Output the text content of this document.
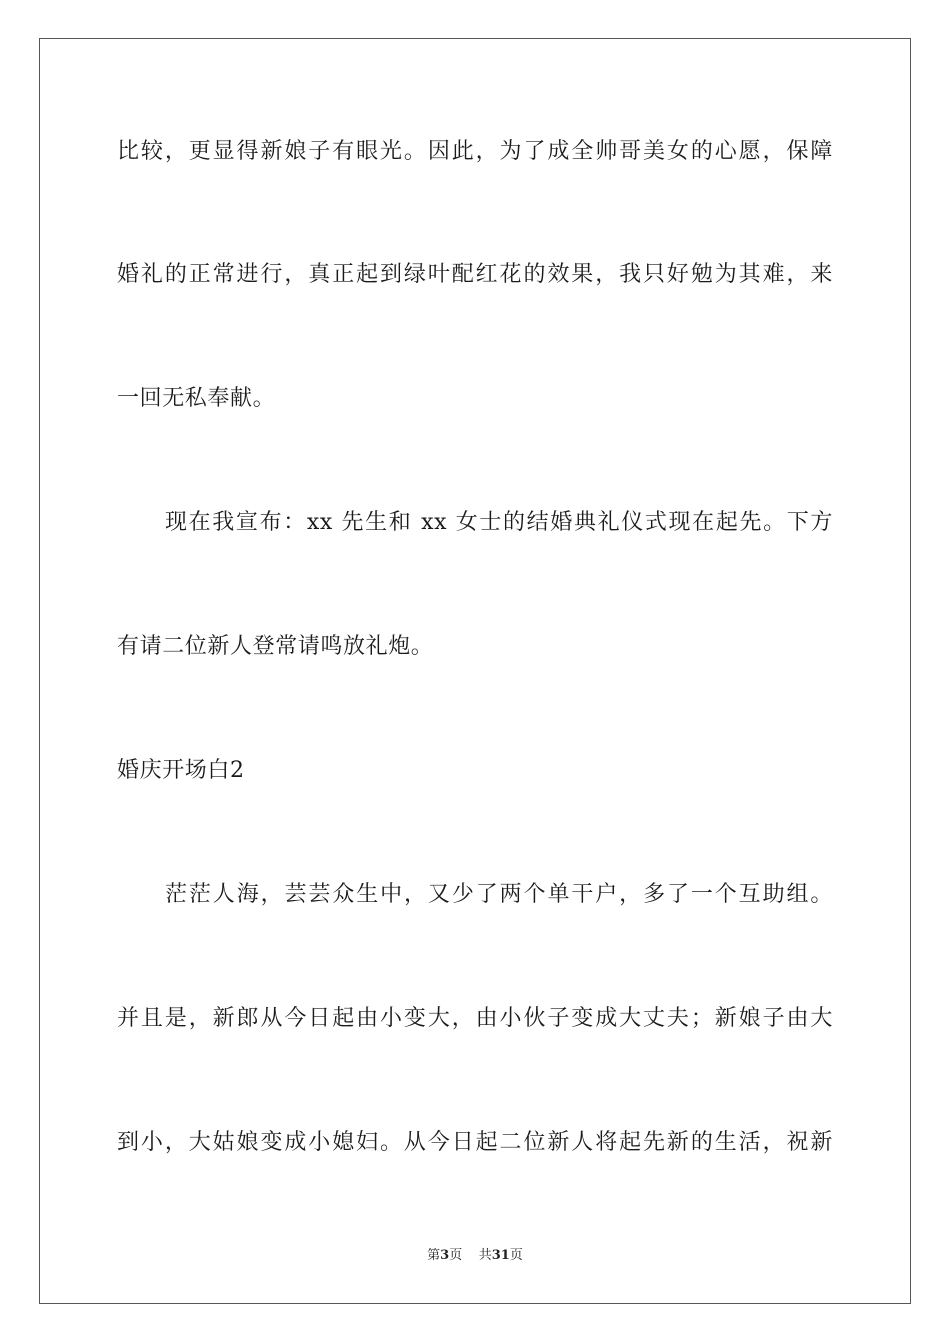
比较，更显得新娘子有眼光。因此，为了成全帅哥美女的心愿，保障
婚礼的正常进行，真正起到绿叶配红花的效果，我只好勉为其难，来
一回无私奉献。
现在我宣布：xx 先生和 xx 女士的结婚典礼仪式现在起先。下方
有请二位新人登常请鸣放礼炮。
婚庆开场白2
茫茫人海，芸芸众生中，又少了两个单干户，多了一个互助组。
并且是，新郎从今日起由小变大，由小伙子变成大丈夫；新娘子由大
到小，大姑娘变成小媳妇。从今日起二位新人将起先新的生活，祝新
第3页 共31页
